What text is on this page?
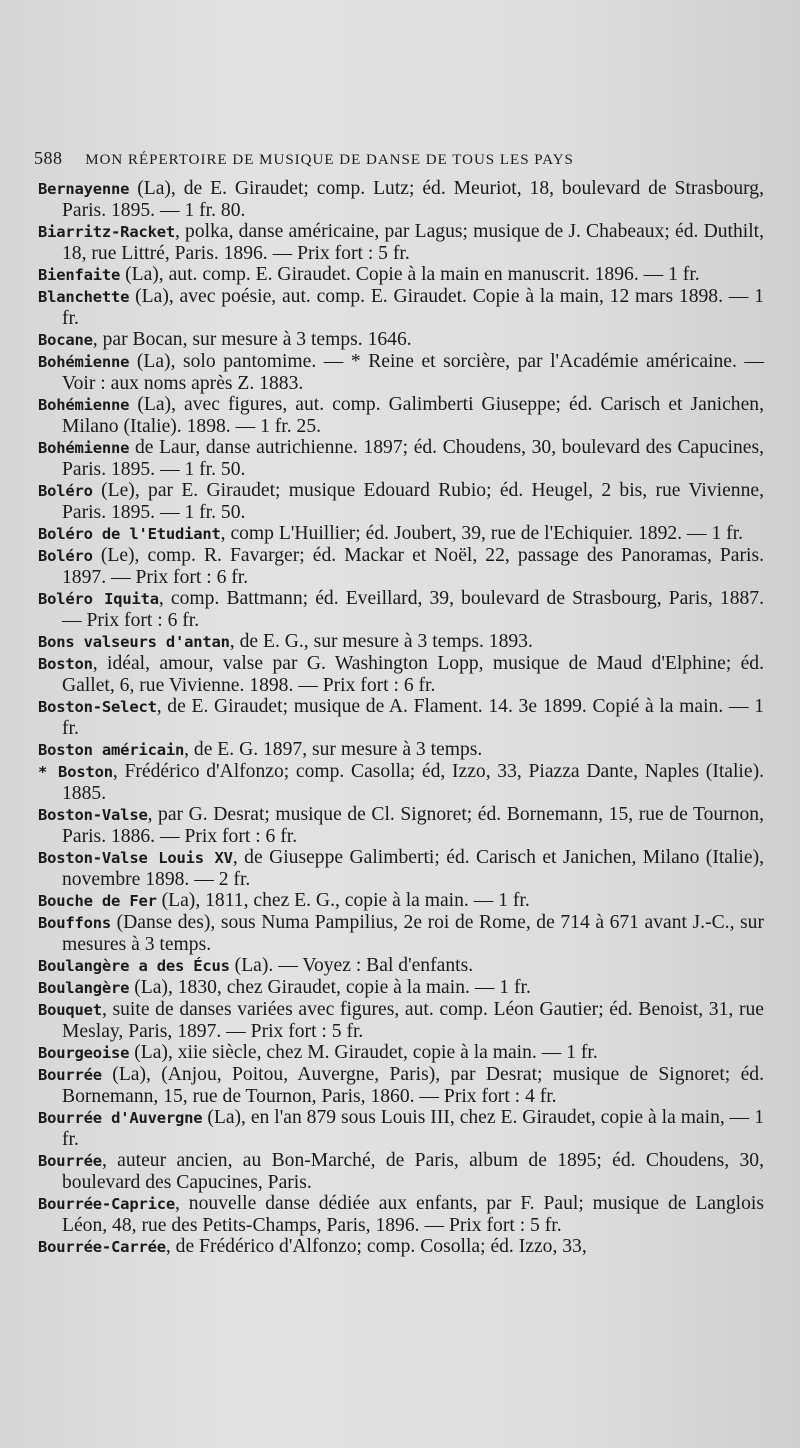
588 MON RÉPERTOIRE DE MUSIQUE DE DANSE DE TOUS LES PAYS

Bernayenne (La), de E. Giraudet; comp. Lutz; éd. Meuriot, 18, boulevard de Strasbourg, Paris. 1895. — 1 fr. 80.

Biarritz-Racket, polka, danse américaine, par Lagus; musique de J. Chabeaux; éd. Duthilt, 18, rue Littré, Paris. 1896. — Prix fort : 5 fr.

Bienfaite (La), aut. comp. E. Giraudet. Copie à la main en manuscrit. 1896. — 1 fr.

Blanchette (La), avec poésie, aut. comp. E. Giraudet. Copie à la main, 12 mars 1898. — 1 fr.

Bocane, par Bocan, sur mesure à 3 temps. 1646.

Bohémienne (La), solo pantomime. — * Reine et sorcière, par l'Académie américaine. — Voir : aux noms après Z. 1883.

Bohémienne (La), avec figures, aut. comp. Galimberti Giuseppe; éd. Carisch et Janichen, Milano (Italie). 1898. — 1 fr. 25.

Bohémienne de Laur, danse autrichienne. 1897; éd. Choudens, 30, boulevard des Capucines, Paris. 1895. — 1 fr. 50.

Boléro (Le), par E. Giraudet; musique Edouard Rubio; éd. Heugel, 2 bis, rue Vivienne, Paris. 1895. — 1 fr. 50.

Boléro de l'Etudiant, comp L'Huillier; éd. Joubert, 39, rue de l'Echiquier. 1892. — 1 fr.

Boléro (Le), comp. R. Favarger; éd. Mackar et Noël, 22, passage des Panoramas, Paris. 1897. — Prix fort : 6 fr.

Boléro Iquita, comp. Battmann; éd. Eveillard, 39, boulevard de Strasbourg, Paris, 1887. — Prix fort : 6 fr.

Bons valseurs d'antan, de E. G., sur mesure à 3 temps. 1893.

Boston, idéal, amour, valse par G. Washington Lopp, musique de Maud d'Elphine; éd. Gallet, 6, rue Vivienne. 1898. — Prix fort : 6 fr.

Boston-Select, de E. Giraudet; musique de A. Flament. 14. 3e 1899. Copié à la main. — 1 fr.

Boston américain, de E. G. 1897, sur mesure à 3 temps.

* Boston, Frédérico d'Alfonzo; comp. Casolla; éd, Izzo, 33, Piazza Dante, Naples (Italie). 1885.

Boston-Valse, par G. Desrat; musique de Cl. Signoret; éd. Bornemann, 15, rue de Tournon, Paris. 1886. — Prix fort : 6 fr.

Boston-Valse Louis XV, de Giuseppe Galimberti; éd. Carisch et Janichen, Milano (Italie), novembre 1898. — 2 fr.

Bouche de Fer (La), 1811, chez E. G., copie à la main. — 1 fr.

Bouffons (Danse des), sous Numa Pampilius, 2e roi de Rome, de 714 à 671 avant J.-C., sur mesures à 3 temps.

Boulangère a des Écus (La). — Voyez : Bal d'enfants.

Boulangère (La), 1830, chez Giraudet, copie à la main. — 1 fr.

Bouquet, suite de danses variées avec figures, aut. comp. Léon Gautier; éd. Benoist, 31, rue Meslay, Paris, 1897. — Prix fort : 5 fr.

Bourgeoise (La), xiie siècle, chez M. Giraudet, copie à la main. — 1 fr.

Bourrée (La), (Anjou, Poitou, Auvergne, Paris), par Desrat; musique de Signoret; éd. Bornemann, 15, rue de Tournon, Paris, 1860. — Prix fort : 4 fr.

Bourrée d'Auvergne (La), en l'an 879 sous Louis III, chez E. Giraudet, copie à la main, — 1 fr.

Bourrée, auteur ancien, au Bon-Marché, de Paris, album de 1895; éd. Choudens, 30, boulevard des Capucines, Paris.

Bourrée-Caprice, nouvelle danse dédiée aux enfants, par F. Paul; musique de Langlois Léon, 48, rue des Petits-Champs, Paris, 1896. — Prix fort : 5 fr.

Bourrée-Carrée, de Frédérico d'Alfonzo; comp. Cosolla; éd. Izzo, 33,
